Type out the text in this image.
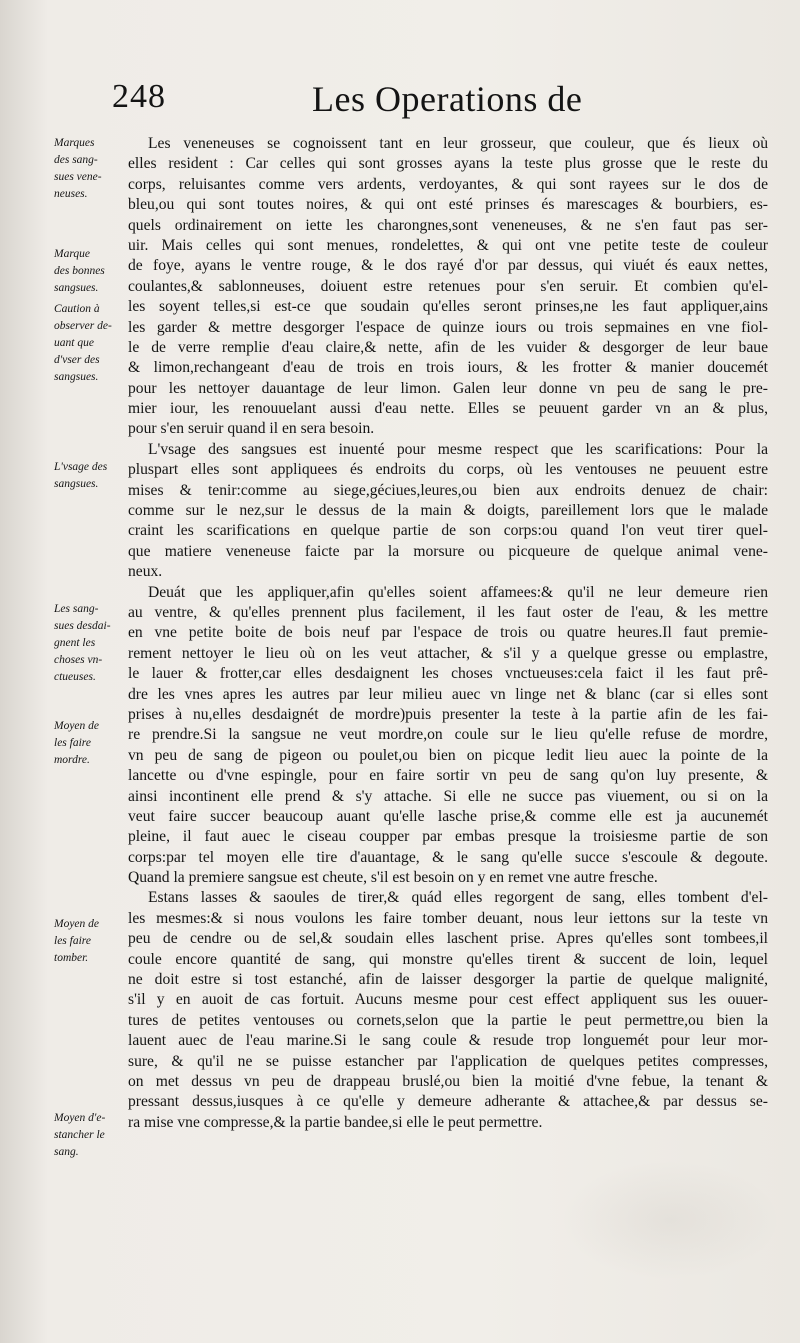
248	Les Operations de
Marques
des sang-
sues vene-
neuses.
Marque
des bonnes
sangsues.
Caution à
observer de-
uant que
d'vser des
sangsues.
L'vsage des
sangsues.
Les sang-
sues desdai-
gnent les
choses vn-
ctueuses.
Moyen de
les faire
mordre.
Moyen de
les faire
tomber.
Moyen d'e-
stancher le
sang.
Les veneneuses se cognoissent tant en leur grosseur, que couleur, que és lieux où
elles resident : Car celles qui sont grosses ayans la teste plus grosse que le reste du
corps, reluisantes comme vers ardents, verdoyantes, & qui sont rayees sur le dos de
bleu,ou qui sont toutes noires, & qui ont esté prinses és marescages & bourbiers, es-
quels ordinairement on iette les charongnes,sont veneneuses, & ne s'en faut pas ser-
uir. Mais celles qui sont menues, rondelettes, & qui ont vne petite teste de couleur
de foye, ayans le ventre rouge, & le dos rayé d'or par dessus, qui viuét és eaux nettes,
coulantes,& sablonneuses, doiuent estre retenues pour s'en seruir. Et combien qu'el-
les soyent telles,si est-ce que soudain qu'elles seront prinses,ne les faut appliquer,ains
les garder & mettre desgorger l'espace de quinze iours ou trois sepmaines en vne fiol-
le de verre remplie d'eau claire,& nette, afin de les vuider & desgorger de leur baue
& limon,rechangeant d'eau de trois en trois iours, & les frotter & manier doucemét
pour les nettoyer dauantage de leur limon. Galen leur donne vn peu de sang le pre-
mier iour, les renouuelant aussi d'eau nette. Elles se peuuent garder vn an & plus,
pour s'en seruir quand il en sera besoin.
L'vsage des sangsues est inuenté pour mesme respect que les scarifications: Pour la
pluspart elles sont appliquees és endroits du corps, où les ventouses ne peuuent estre
mises & tenir:comme au siege,géciues,leures,ou bien aux endroits denuez de chair:
comme sur le nez,sur le dessus de la main & doigts, pareillement lors que le malade
craint les scarifications en quelque partie de son corps:ou quand l'on veut tirer quel-
que matiere veneneuse faicte par la morsure ou picqueure de quelque animal vene-
neux.
Deuát que les appliquer,afin qu'elles soient affamees:& qu'il ne leur demeure rien
au ventre, & qu'elles prennent plus facilement, il les faut oster de l'eau, & les mettre
en vne petite boite de bois neuf par l'espace de trois ou quatre heures.Il faut premie-
rement nettoyer le lieu où on les veut attacher, & s'il y a quelque gresse ou emplastre,
le lauer & frotter,car elles desdaignent les choses vnctueuses:cela faict il les faut prê-
dre les vnes apres les autres par leur milieu auec vn linge net & blanc (car si elles sont
prises à nu,elles desdaignét de mordre)puis presenter la teste à la partie afin de les fai-
re prendre.Si la sangsue ne veut mordre,on coule sur le lieu qu'elle refuse de mordre,
vn peu de sang de pigeon ou poulet,ou bien on picque ledit lieu auec la pointe de la
lancette ou d'vne espingle, pour en faire sortir vn peu de sang qu'on luy presente, &
ainsi incontinent elle prend & s'y attache. Si elle ne succe pas viuement, ou si on la
veut faire succer beaucoup auant qu'elle lasche prise,& comme elle est ja aucunemét
pleine, il faut auec le ciseau coupper par embas presque la troisiesme partie de son
corps:par tel moyen elle tire d'auantage, & le sang qu'elle succe s'escoule & degoute.
Quand la premiere sangsue est cheute, s'il est besoin on y en remet vne autre fresche.
Estans lasses & saoules de tirer,& quád elles regorgent de sang, elles tombent d'el-
les mesmes:& si nous voulons les faire tomber deuant, nous leur iettons sur la teste vn
peu de cendre ou de sel,& soudain elles laschent prise. Apres qu'elles sont tombees,il
coule encore quantité de sang, qui monstre qu'elles tirent & succent de loin, lequel
ne doit estre si tost estanché, afin de laisser desgorger la partie de quelque malignité,
s'il y en auoit de cas fortuit. Aucuns mesme pour cest effect appliquent sus les ouuer-
tures de petites ventouses ou cornets,selon que la partie le peut permettre,ou bien la
lauent auec de l'eau marine.Si le sang coule & resude trop longuemét pour leur mor-
sure, & qu'il ne se puisse estancher par l'application de quelques petites compresses,
on met dessus vn peu de drappeau bruslé,ou bien la moitié d'vne febue, la tenant &
pressant dessus,iusques à ce qu'elle y demeure adherante & attachee,& par dessus se-
ra mise vne compresse,& la partie bandee,si elle le peut permettre.
